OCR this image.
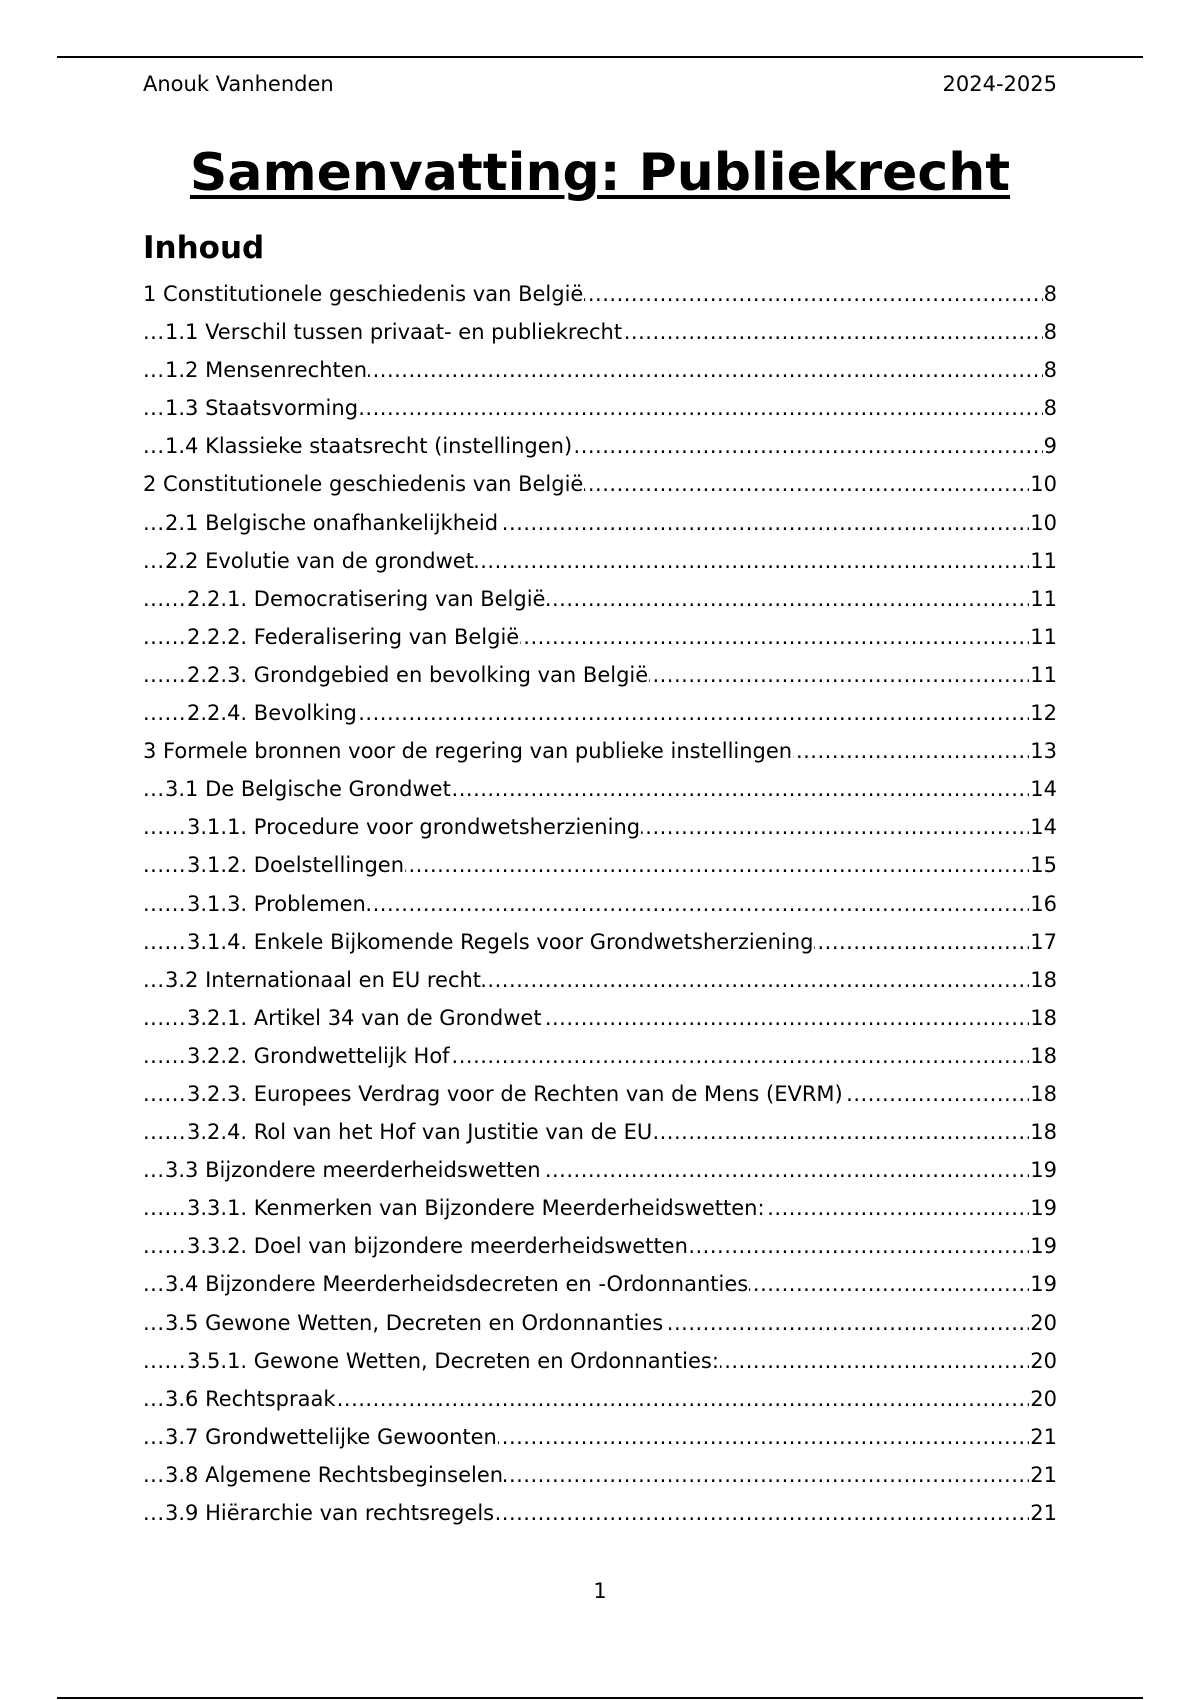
Anouk Vanhenden	2024-2025
Samenvatting: Publiekrecht
Inhoud
.....
1 Constitutionele geschiedenis van België	8
.....
1.1 Verschil tussen privaat- en publiekrecht	8
.....
1.2 Mensenrechten	8
.....
1.3 Staatsvorming	8
.....
1.4 Klassieke staatsrecht (instellingen)	9
.....
2 Constitutionele geschiedenis van België	10
.....
2.1 Belgische onafhankelijkheid	10
.....
2.2 Evolutie van de grondwet	11
.....
2.2.1. Democratisering van België	11
.....
2.2.2. Federalisering van België	11
.....
2.2.3. Grondgebied en bevolking van België	11
.....
2.2.4. Bevolking	12
.....
3 Formele bronnen voor de regering van publieke instellingen	13
.....
3.1 De Belgische Grondwet	14
.....
3.1.1. Procedure voor grondwetsherziening	14
.....
3.1.2. Doelstellingen	15
.....
3.1.3. Problemen	16
.....
3.1.4. Enkele Bijkomende Regels voor Grondwetsherziening	17
.....
3.2 Internationaal en EU recht	18
.....
3.2.1. Artikel 34 van de Grondwet	18
.....
3.2.2. Grondwettelijk Hof	18
.....
3.2.3. Europees Verdrag voor de Rechten van de Mens (EVRM)	18
.....
3.2.4. Rol van het Hof van Justitie van de EU	18
.....
3.3 Bijzondere meerderheidswetten	19
.....
3.3.1. Kenmerken van Bijzondere Meerderheidswetten:	19
.....
3.3.2. Doel van bijzondere meerderheidswetten	19
.....
3.4 Bijzondere Meerderheidsdecreten en -Ordonnanties	19
.....
3.5 Gewone Wetten, Decreten en Ordonnanties	20
.....
3.5.1. Gewone Wetten, Decreten en Ordonnanties:	20
.....
3.6 Rechtspraak	20
.....
3.7 Grondwettelijke Gewoonten	21
.....
3.8 Algemene Rechtsbeginselen	21
.....
3.9 Hiërarchie van rechtsregels	21
1
